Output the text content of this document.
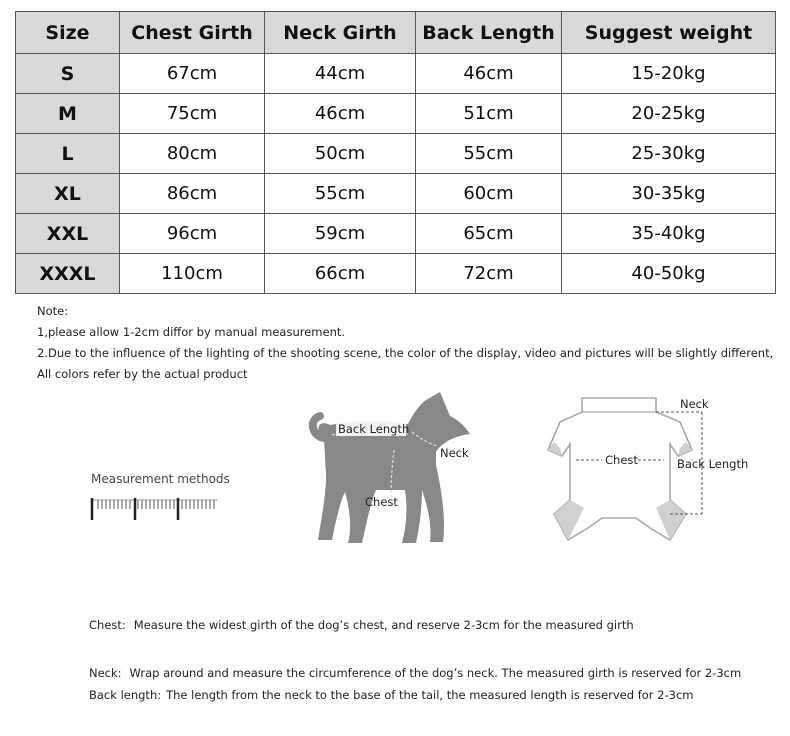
Size	Chest Girth	Neck Girth	Back Length	Suggest weight
S	67cm	44cm	46cm	15-20kg
M	75cm	46cm	51cm	20-25kg
L	80cm	50cm	55cm	25-30kg
XL	86cm	55cm	60cm	30-35kg
XXL	96cm	59cm	65cm	35-40kg
XXXL	110cm	66cm	72cm	40-50kg
Note:
1,please allow 1-2cm diffor by manual measurement.
2.Due to the influence of the lighting of the shooting scene, the color of the display, video and pictures will be slightly different,
All colors refer by the actual product
Measurement methods
Back Length
Neck
Chest
Neck
Chest	Back Length
Chest: Measure the widest girth of the dog’s chest, and reserve 2-3cm for the measured girth
Neck: Wrap around and measure the circumference of the dog’s neck. The measured girth is reserved for 2-3cm
Back length: The length from the neck to the base of the tail, the measured length is reserved for 2-3cm
